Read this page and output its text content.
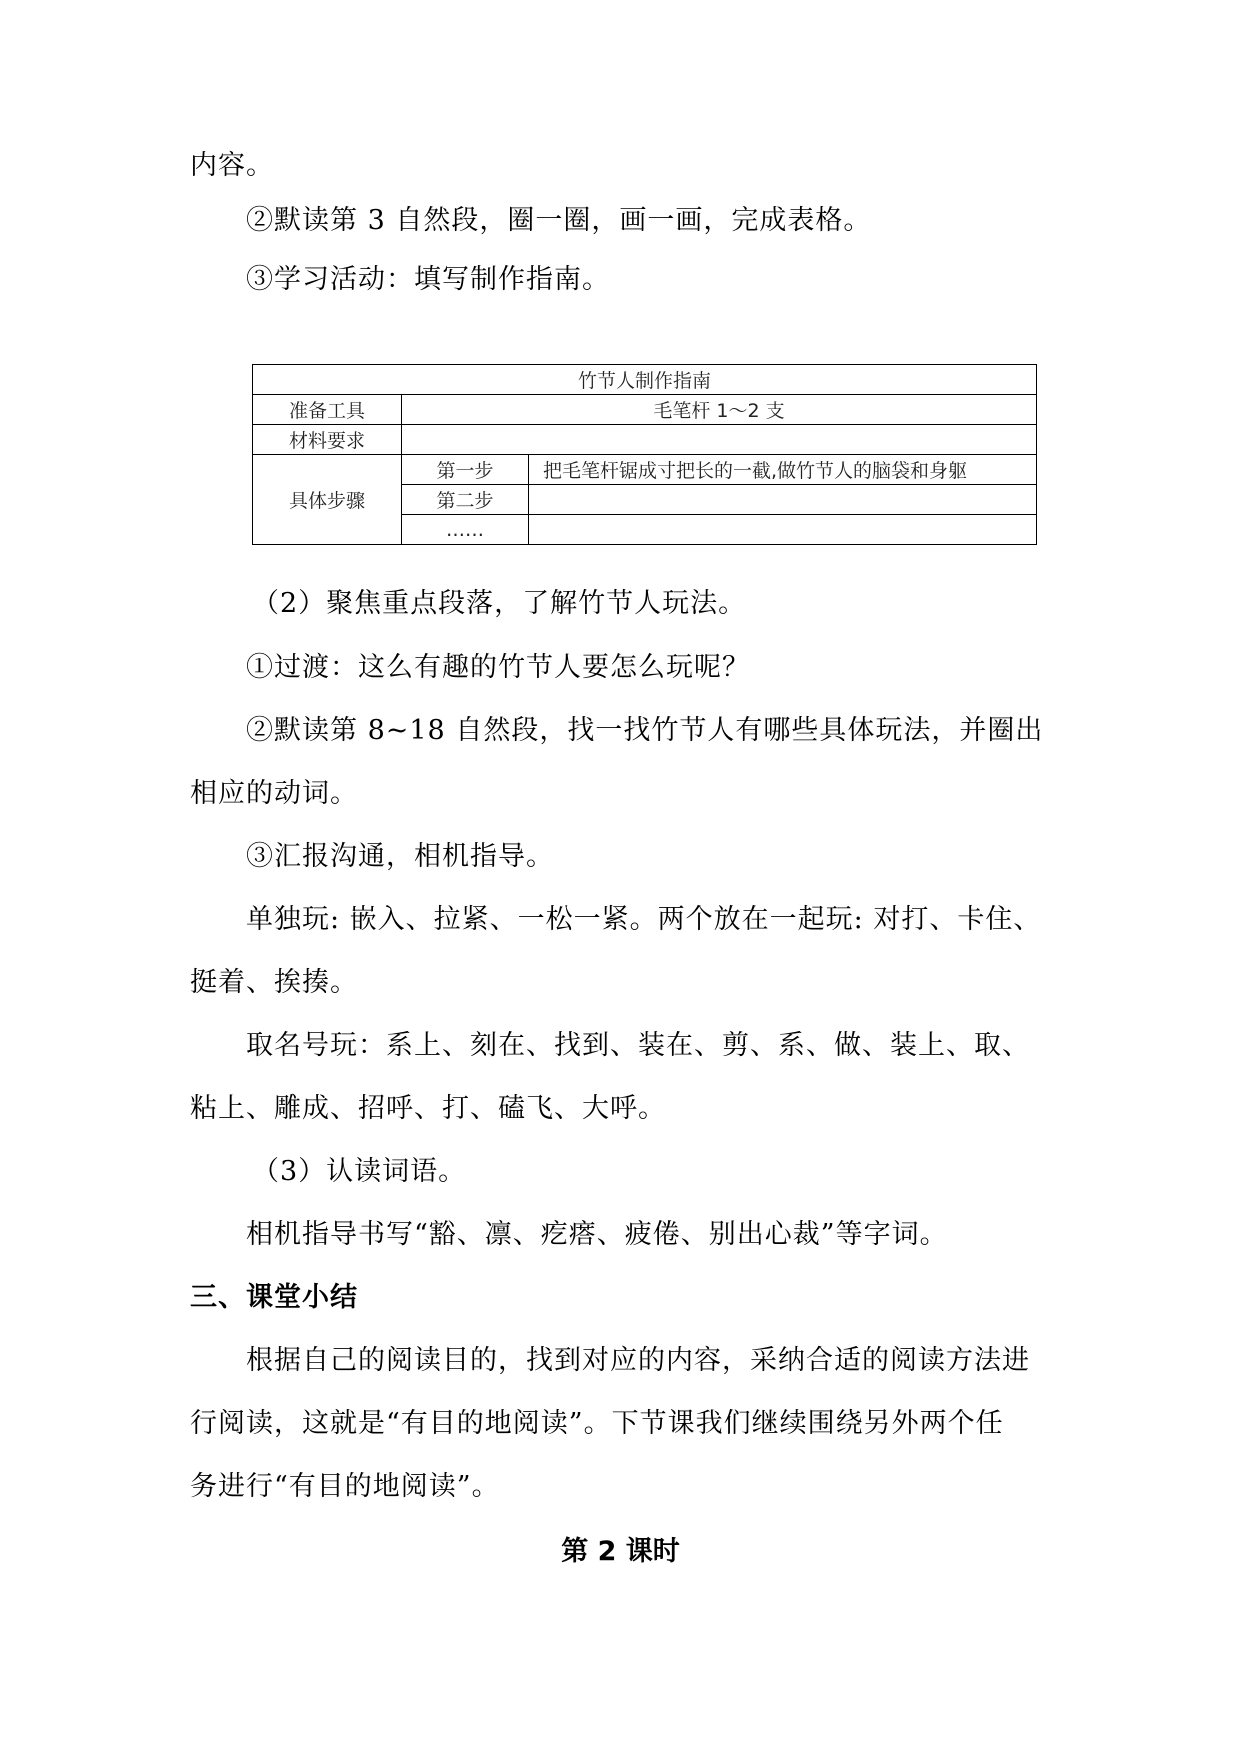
内容。
②默读第 3 自然段，圈一圈，画一画，完成表格。
③学习活动：填写制作指南。
竹节人制作指南		
准备工具	毛笔杆 1～2 支	
材料要求		
具体步骤	第一步	把毛笔杆锯成寸把长的一截,做竹节人的脑袋和身躯
	第二步	
	……	
（2）聚焦重点段落，了解竹节人玩法。
①过渡：这么有趣的竹节人要怎么玩呢？
②默读第 8~18 自然段，找一找竹节人有哪些具体玩法，并圈出
相应的动词。
③汇报沟通，相机指导。
单独玩: 嵌入、拉紧、一松一紧。两个放在一起玩: 对打、卡住、
挺着、挨揍。
取名号玩：系上、刻在、找到、装在、剪、系、做、装上、取、
粘上、雕成、招呼、打、磕飞、大呼。
（3）认读词语。
相机指导书写“豁、凛、疙瘩、疲倦、别出心裁”等字词。
三、课堂小结
根据自己的阅读目的，找到对应的内容，采纳合适的阅读方法进
行阅读，这就是“有目的地阅读”。下节课我们继续围绕另外两个任
务进行“有目的地阅读”。
第 2 课时
